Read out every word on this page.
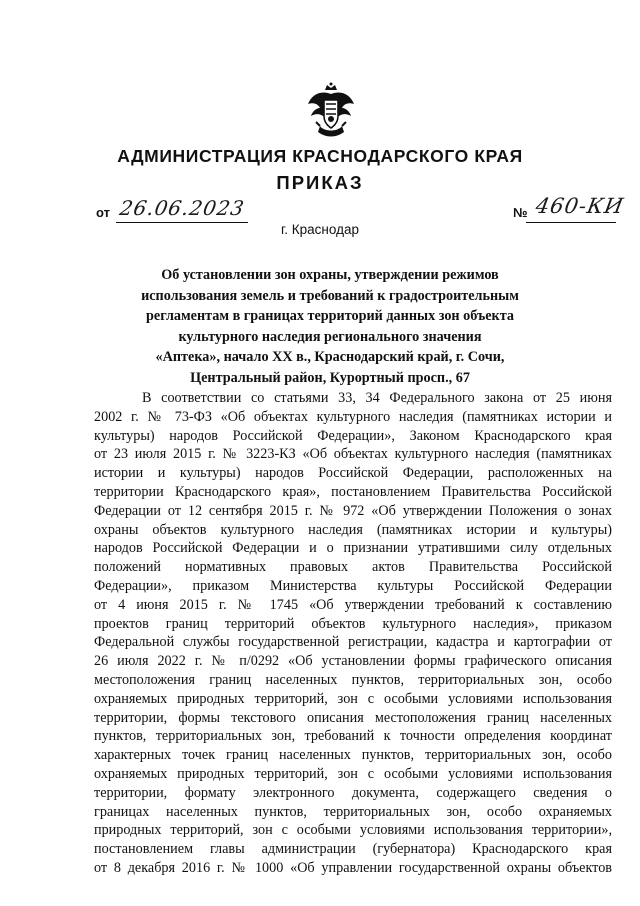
АДМИНИСТРАЦИЯ КРАСНОДАРСКОГО КРАЯ
ПРИКАЗ
от 26.06.2023	№ 460-КИ
г. Краснодар
Об установлении зон охраны, утверждении режимов
использования земель и требований к градостроительным
регламентам в границах территорий данных зон объекта
культурного наследия регионального значения
«Аптека», начало XX в., Краснодарский край, г. Сочи,
Центральный район, Курортный просп., 67
В соответствии со статьями 33, 34 Федерального закона от 25 июня
2002 г. № 73-ФЗ «Об объектах культурного наследия (памятниках истории и
культуры) народов Российской Федерации», Законом Краснодарского края
от 23 июля 2015 г. № 3223-КЗ «Об объектах культурного наследия (памятниках
истории и культуры) народов Российской Федерации, расположенных на
территории Краснодарского края», постановлением Правительства Российской
Федерации от 12 сентября 2015 г. № 972 «Об утверждении Положения о зонах
охраны объектов культурного наследия (памятниках истории и культуры)
народов Российской Федерации и о признании утратившими силу отдельных
положений нормативных правовых актов Правительства Российской
Федерации», приказом Министерства культуры Российской Федерации
от 4 июня 2015 г. № 1745 «Об утверждении требований к составлению
проектов границ территорий объектов культурного наследия», приказом
Федеральной службы государственной регистрации, кадастра и картографии от
26 июля 2022 г. № п/0292 «Об установлении формы графического описания
местоположения границ населенных пунктов, территориальных зон, особо
охраняемых природных территорий, зон с особыми условиями использования
территории, формы текстового описания местоположения границ населенных
пунктов, территориальных зон, требований к точности определения координат
характерных точек границ населенных пунктов, территориальных зон, особо
охраняемых природных территорий, зон с особыми условиями использования
территории, формату электронного документа, содержащего сведения о
границах населенных пунктов, территориальных зон, особо охраняемых
природных территорий, зон с особыми условиями использования территории»,
постановлением главы администрации (губернатора) Краснодарского края
от 8 декабря 2016 г. № 1000 «Об управлении государственной охраны объектов
